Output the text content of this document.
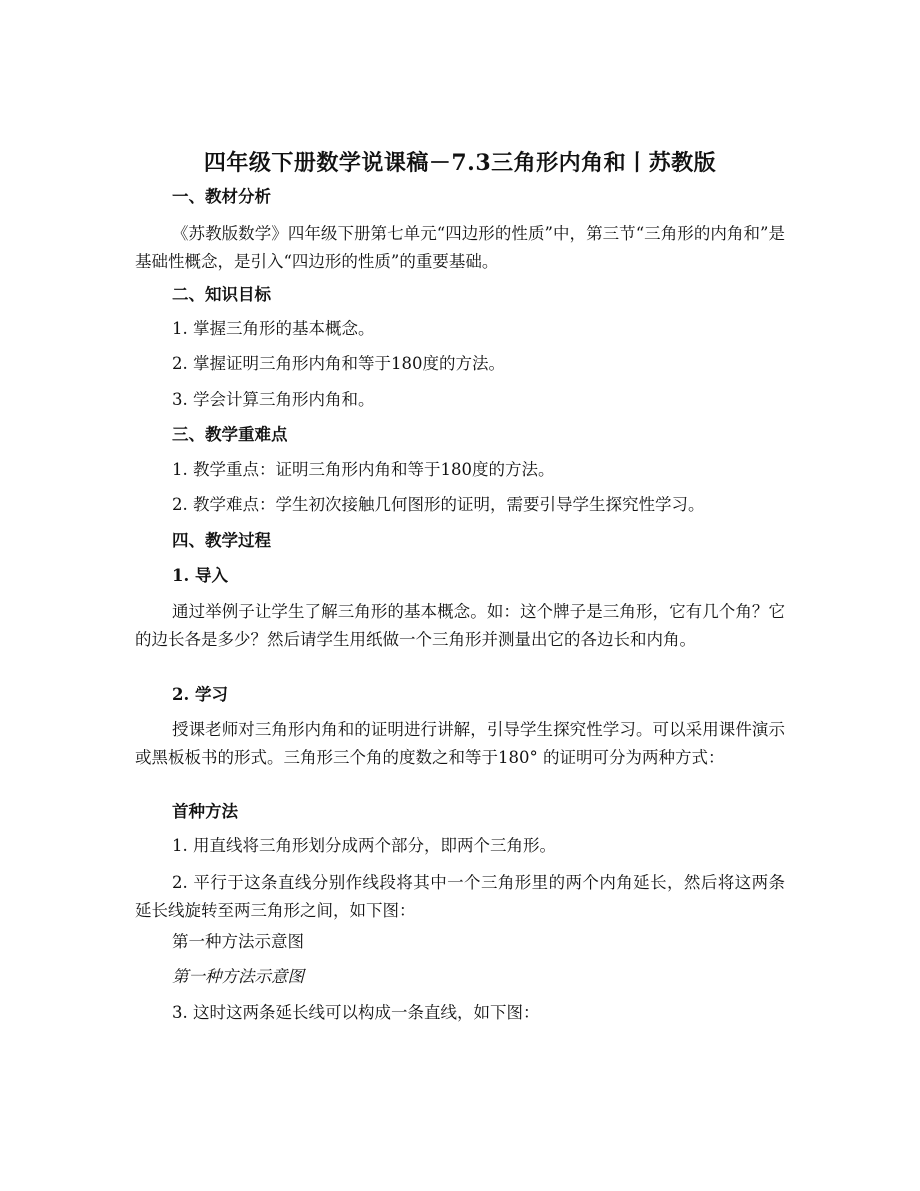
四年级下册数学说课稿－7.3三角形内角和丨苏教版
一、教材分析
《苏教版数学》四年级下册第七单元“四边形的性质”中，第三节“三角形的内角和”是基础性概念，是引入“四边形的性质”的重要基础。
二、知识目标
1. 掌握三角形的基本概念。
2. 掌握证明三角形内角和等于180度的方法。
3. 学会计算三角形内角和。
三、教学重难点
1. 教学重点：证明三角形内角和等于180度的方法。
2. 教学难点：学生初次接触几何图形的证明，需要引导学生探究性学习。
四、教学过程
1. 导入
通过举例子让学生了解三角形的基本概念。如：这个牌子是三角形，它有几个角？它的边长各是多少？然后请学生用纸做一个三角形并测量出它的各边长和内角。
2. 学习
授课老师对三角形内角和的证明进行讲解，引导学生探究性学习。可以采用课件演示或黑板板书的形式。三角形三个角的度数之和等于180° 的证明可分为两种方式：
首种方法
1. 用直线将三角形划分成两个部分，即两个三角形。
2. 平行于这条直线分别作线段将其中一个三角形里的两个内角延长，然后将这两条延长线旋转至两三角形之间，如下图：
第一种方法示意图
第一种方法示意图
3. 这时这两条延长线可以构成一条直线，如下图：
